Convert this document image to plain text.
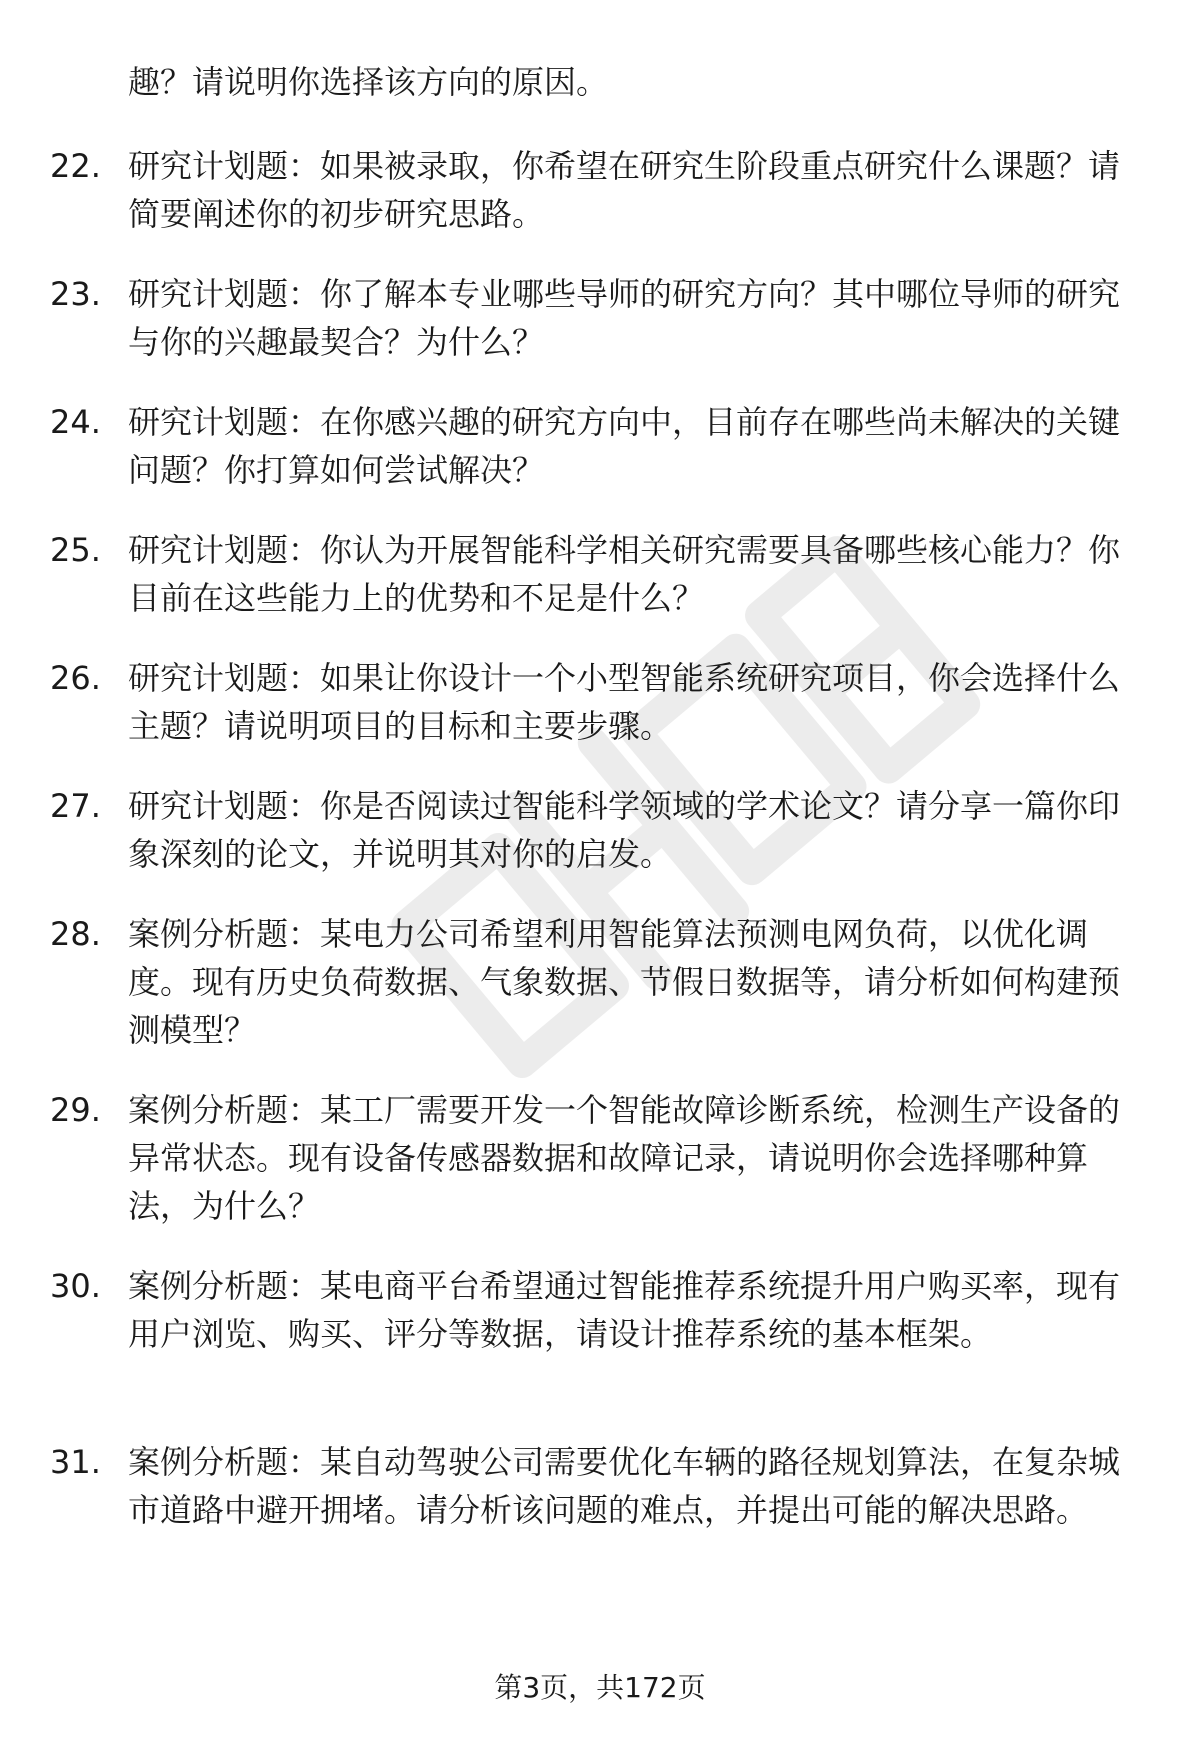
趣？请说明你选择该方向的原因。
22. 研究计划题：如果被录取，你希望在研究生阶段重点研究什么课题？请简要阐述你的初步研究思路。
23. 研究计划题：你了解本专业哪些导师的研究方向？其中哪位导师的研究与你的兴趣最契合？为什么？
24. 研究计划题：在你感兴趣的研究方向中，目前存在哪些尚未解决的关键问题？你打算如何尝试解决？
25. 研究计划题：你认为开展智能科学相关研究需要具备哪些核心能力？你目前在这些能力上的优势和不足是什么？
26. 研究计划题：如果让你设计一个小型智能系统研究项目，你会选择什么主题？请说明项目的目标和主要步骤。
27. 研究计划题：你是否阅读过智能科学领域的学术论文？请分享一篇你印象深刻的论文，并说明其对你的启发。
28. 案例分析题：某电力公司希望利用智能算法预测电网负荷，以优化调度。现有历史负荷数据、气象数据、节假日数据等，请分析如何构建预测模型？
29. 案例分析题：某工厂需要开发一个智能故障诊断系统，检测生产设备的异常状态。现有设备传感器数据和故障记录，请说明你会选择哪种算法，为什么？
30. 案例分析题：某电商平台希望通过智能推荐系统提升用户购买率，现有用户浏览、购买、评分等数据，请设计推荐系统的基本框架。
31. 案例分析题：某自动驾驶公司需要优化车辆的路径规划算法，在复杂城市道路中避开拥堵。请分析该问题的难点，并提出可能的解决思路。
第3页，共172页
